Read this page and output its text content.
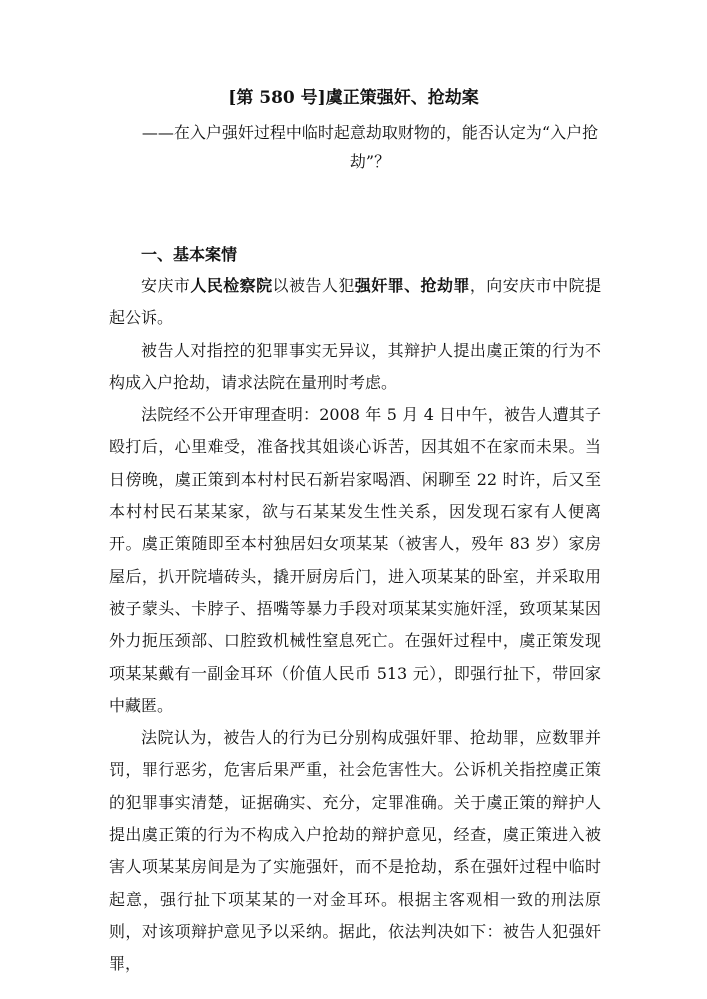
[第 580 号]虞正策强奸、抢劫案
——在入户强奸过程中临时起意劫取财物的，能否认定为“入户抢劫”？
一、基本案情

安庆市人民检察院以被告人犯强奸罪、抢劫罪，向安庆市中院提起公诉。

被告人对指控的犯罪事实无异议，其辩护人提出虞正策的行为不构成入户抢劫，请求法院在量刑时考虑。

法院经不公开审理查明：2008 年 5 月 4 日中午，被告人遭其子殴打后，心里难受，准备找其姐谈心诉苦，因其姐不在家而未果。当日傍晚，虞正策到本村村民石新岩家喝酒、闲聊至 22 时许，后又至本村村民石某某家，欲与石某某发生性关系，因发现石家有人便离开。虞正策随即至本村独居妇女项某某（被害人，殁年 83 岁）家房屋后，扒开院墙砖头，撬开厨房后门，进入项某某的卧室，并采取用被子蒙头、卡脖子、捂嘴等暴力手段对项某某实施奸淫，致项某某因外力扼压颈部、口腔致机械性窒息死亡。在强奸过程中，虞正策发现项某某戴有一副金耳环（价值人民币 513 元），即强行扯下，带回家中藏匿。

法院认为，被告人的行为已分别构成强奸罪、抢劫罪，应数罪并罚，罪行恶劣，危害后果严重，社会危害性大。公诉机关指控虞正策的犯罪事实清楚，证据确实、充分，定罪准确。关于虞正策的辩护人提出虞正策的行为不构成入户抢劫的辩护意见，经查，虞正策进入被害人项某某房间是为了实施强奸，而不是抢劫，系在强奸过程中临时起意，强行扯下项某某的一对金耳环。根据主客观相一致的刑法原则，对该项辩护意见予以采纳。据此，依法判决如下：被告人犯强奸罪，
